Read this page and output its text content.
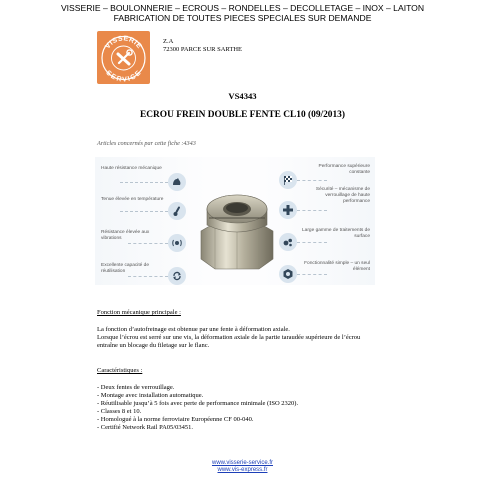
VISSERIE – BOULONNERIE – ECROUS – RONDELLES – DECOLLETAGE – INOX – LAITON
FABRICATION DE TOUTES PIECES SPECIALES SUR DEMANDE
VISSERIE
SERVICE
Z.A
72300 PARCE SUR SARTHE
VS4343
ECROU FREIN DOUBLE FENTE CL10 (09/2013)
Articles concernés par cette fiche :4343
Haute résistance mécanique
Tenue élevée en température
Résistance élevée aux vibrations
Excellente capacité de réutilisation
Performance supérieure constante
Sécurité – mécanisme de verrouillage de haute performance
Large gamme de traitements de surface
Fonctionnalité simple – un seul élément
Fonction mécanique principale :
La fonction d’autofreinage est obtenue par une fente à déformation axiale.
Lorsque l’écrou est serré sur une vis, la déformation axiale de la partie taraudée supérieure de l’écrou
entraîne un blocage du filetage sur le flanc.
Caractéristiques :
- Deux fentes de verrouillage.
- Montage avec installation automatique.
- Réutilisable jusqu’à 5 fois avec perte de performance minimale (ISO 2320).
- Classes 8 et 10.
- Homologué à la norme ferroviaire Européenne CF 00-040.
- Certifié Network Rail PA05/03451.
www.visserie-service.fr
www.vis-express.fr
